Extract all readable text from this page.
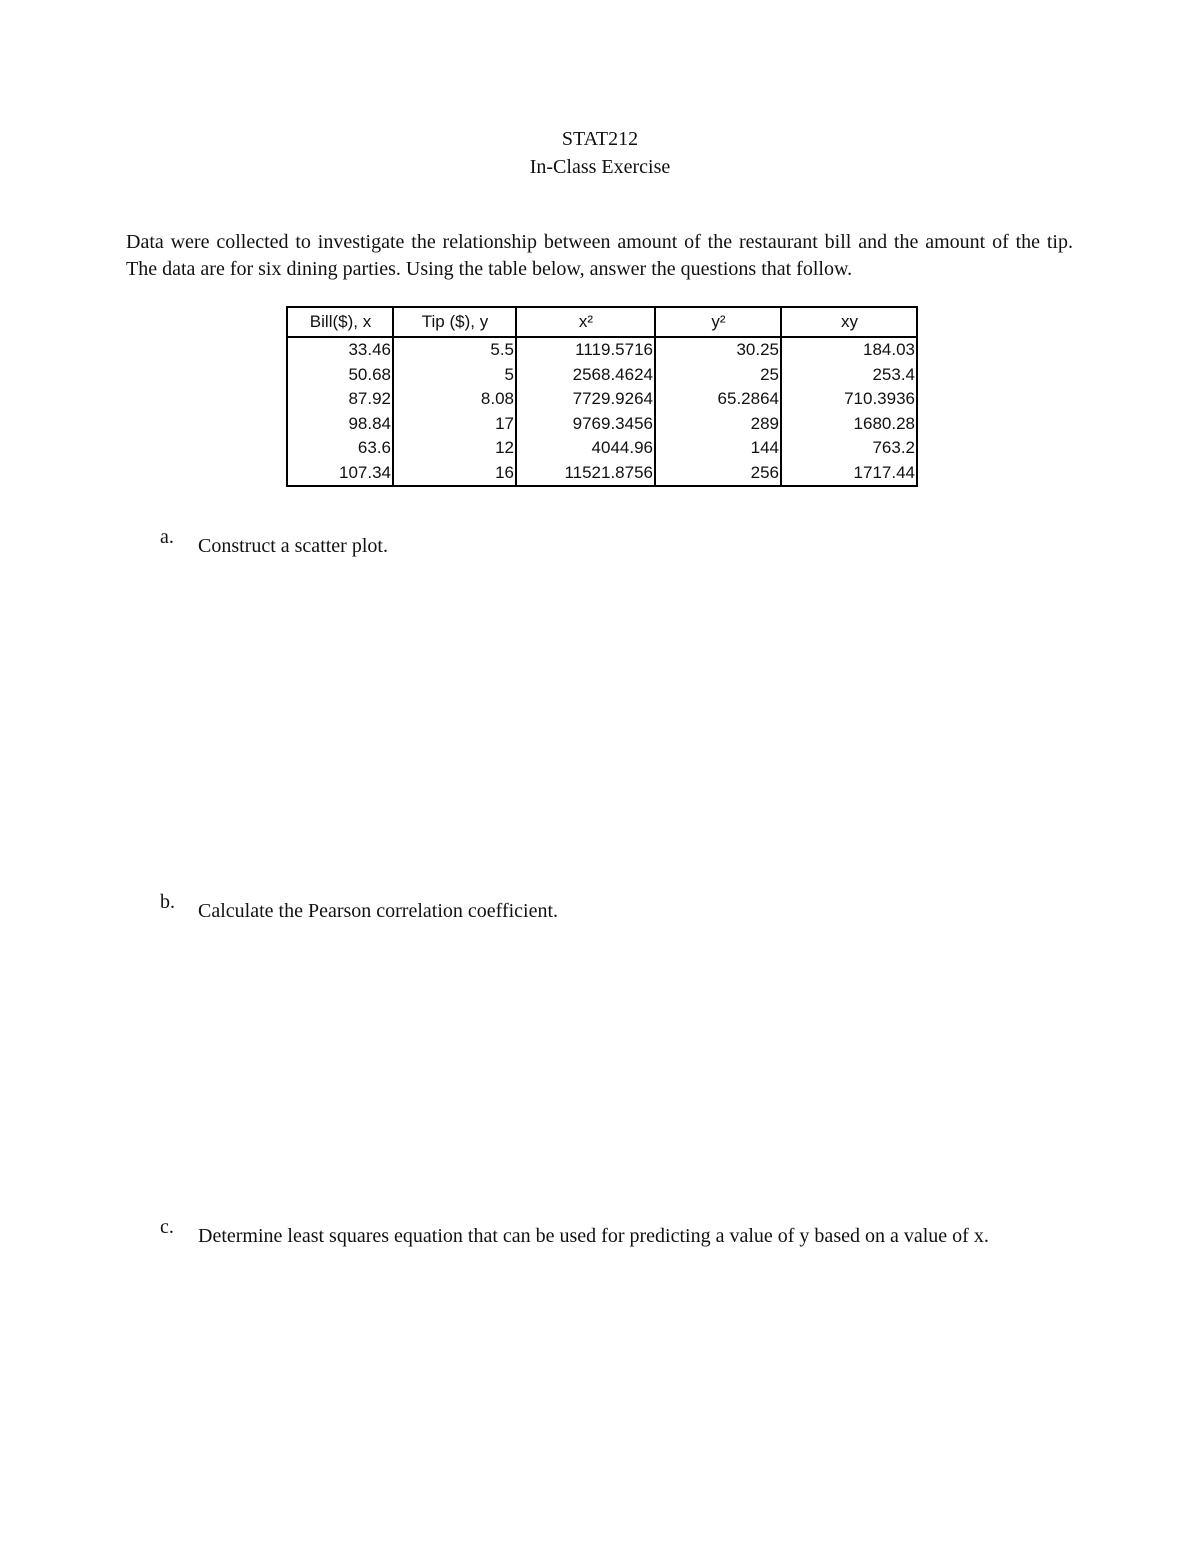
STAT212
In-Class Exercise
Data were collected to investigate the relationship between amount of the restaurant bill and the amount of the tip. The data are for six dining parties. Using the table below, answer the questions that follow.
Bill($), x	Tip ($), y	x²	y²	xy
33.46	5.5	1119.5716	30.25	184.03
50.68	5	2568.4624	25	253.4
87.92	8.08	7729.9264	65.2864	710.3936
98.84	17	9769.3456	289	1680.28
63.6	12	4044.96	144	763.2
107.34	16	11521.8756	256	1717.44
a.	Construct a scatter plot.
b.	Calculate the Pearson correlation coefficient.
c.	Determine least squares equation that can be used for predicting a value of y based on a value of x.
